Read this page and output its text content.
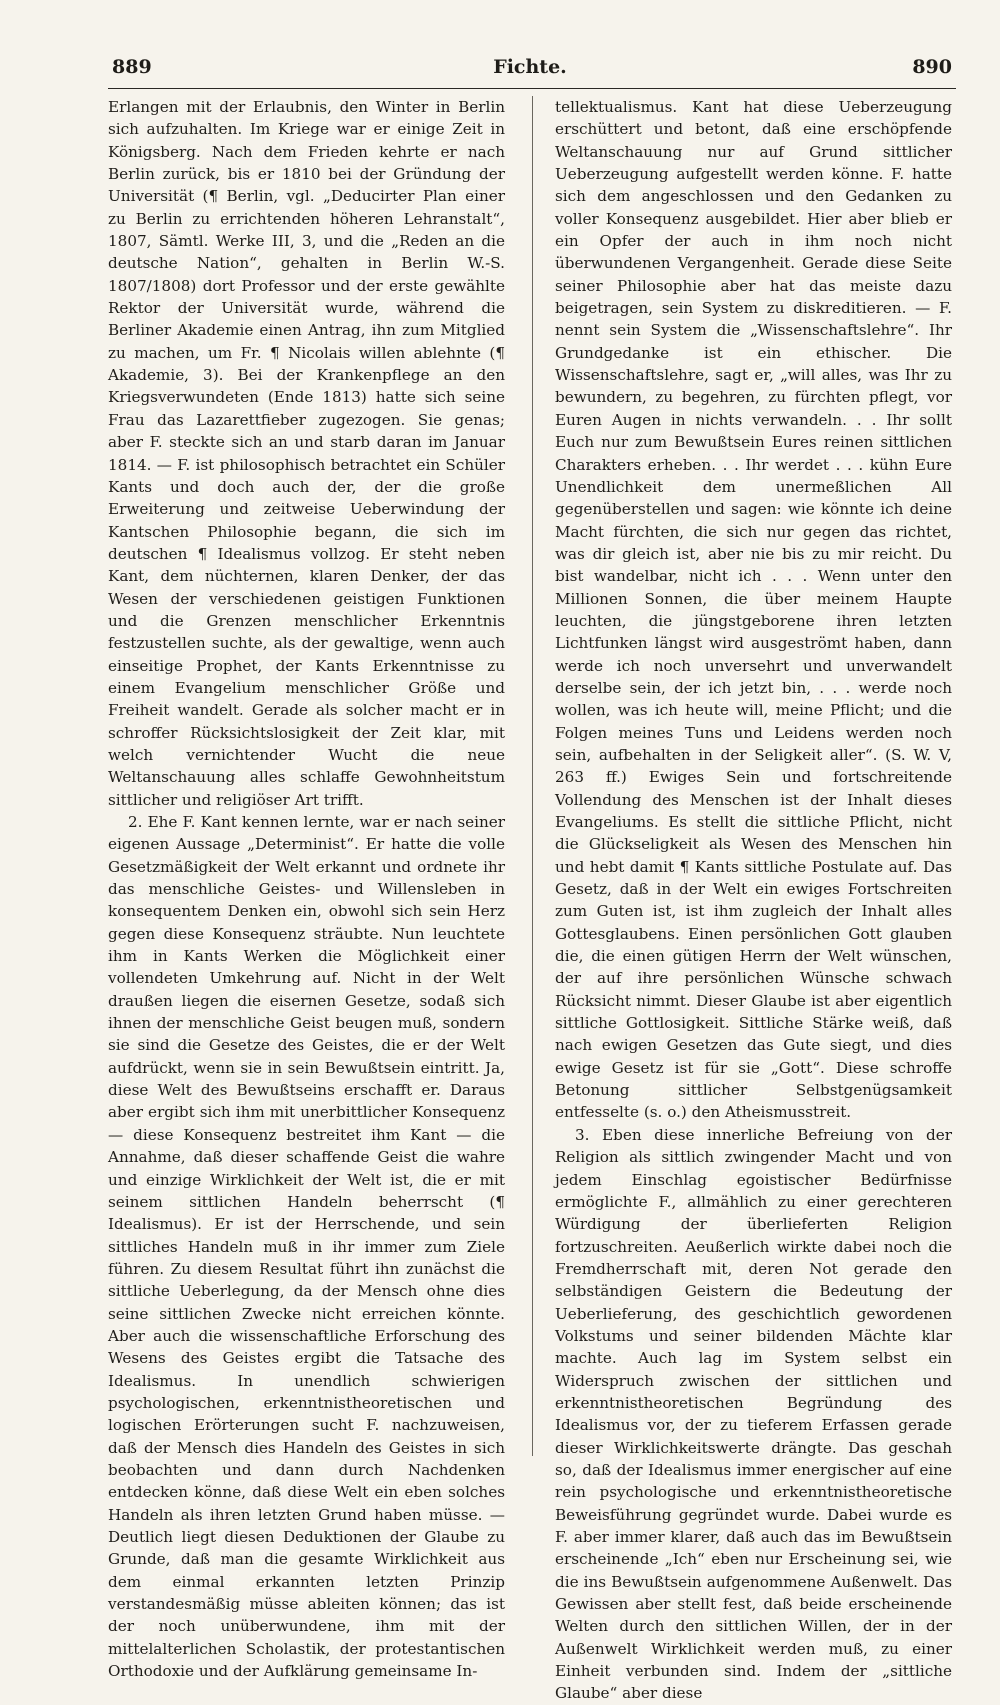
889	Fichte.	890

Erlangen mit der Erlaubnis, den Winter in Berlin sich aufzuhalten. Im Kriege war er einige Zeit in Königsberg. Nach dem Frieden kehrte er nach Berlin zurück, bis er 1810 bei der Gründung der Universität (¶ Berlin, vgl. „Deducirter Plan einer zu Berlin zu errichtenden höheren Lehranstalt“, 1807, Sämtl. Werke III, 3, und die „Reden an die deutsche Nation“, gehalten in Berlin W.-S. 1807/1808) dort Professor und der erste gewählte Rektor der Universität wurde, während die Berliner Akademie einen Antrag, ihn zum Mitglied zu machen, um Fr. ¶ Nicolais willen ablehnte (¶ Akademie, 3). Bei der Krankenpflege an den Kriegsverwundeten (Ende 1813) hatte sich seine Frau das Lazarettfieber zugezogen. Sie genas; aber F. steckte sich an und starb daran im Januar 1814. — F. ist philosophisch betrachtet ein Schüler Kants und doch auch der, der die große Erweiterung und zeitweise Ueberwindung der Kantschen Philosophie begann, die sich im deutschen ¶ Idealismus vollzog. Er steht neben Kant, dem nüchternen, klaren Denker, der das Wesen der verschiedenen geistigen Funktionen und die Grenzen menschlicher Erkenntnis festzustellen suchte, als der gewaltige, wenn auch einseitige Prophet, der Kants Erkenntnisse zu einem Evangelium menschlicher Größe und Freiheit wandelt. Gerade als solcher macht er in schroffer Rücksichtslosigkeit der Zeit klar, mit welch vernichtender Wucht die neue Weltanschauung alles schlaffe Gewohnheitstum sittlicher und religiöser Art trifft.

2. Ehe F. Kant kennen lernte, war er nach seiner eigenen Aussage „Determinist“. Er hatte die volle Gesetzmäßigkeit der Welt erkannt und ordnete ihr das menschliche Geistes- und Willensleben in konsequentem Denken ein, obwohl sich sein Herz gegen diese Konsequenz sträubte. Nun leuchtete ihm in Kants Werken die Möglichkeit einer vollendeten Umkehrung auf. Nicht in der Welt draußen liegen die eisernen Gesetze, sodaß sich ihnen der menschliche Geist beugen muß, sondern sie sind die Gesetze des Geistes, die er der Welt aufdrückt, wenn sie in sein Bewußtsein eintritt. Ja, diese Welt des Bewußtseins erschafft er. Daraus aber ergibt sich ihm mit unerbittlicher Konsequenz — diese Konsequenz bestreitet ihm Kant — die Annahme, daß dieser schaffende Geist die wahre und einzige Wirklichkeit der Welt ist, die er mit seinem sittlichen Handeln beherrscht (¶ Idealismus). Er ist der Herrschende, und sein sittliches Handeln muß in ihr immer zum Ziele führen. Zu diesem Resultat führt ihn zunächst die sittliche Ueberlegung, da der Mensch ohne dies seine sittlichen Zwecke nicht erreichen könnte. Aber auch die wissenschaftliche Erforschung des Wesens des Geistes ergibt die Tatsache des Idealismus. In unendlich schwierigen psychologischen, erkenntnistheoretischen und logischen Erörterungen sucht F. nachzuweisen, daß der Mensch dies Handeln des Geistes in sich beobachten und dann durch Nachdenken entdecken könne, daß diese Welt ein eben solches Handeln als ihren letzten Grund haben müsse. — Deutlich liegt diesen Deduktionen der Glaube zu Grunde, daß man die gesamte Wirklichkeit aus dem einmal erkannten letzten Prinzip verstandesmäßig müsse ableiten können; das ist der noch unüberwundene, ihm mit der mittelalterlichen Scholastik, der protestantischen Orthodoxie und der Aufklärung gemeinsame In-

tellektualismus. Kant hat diese Ueberzeugung erschüttert und betont, daß eine erschöpfende Weltanschauung nur auf Grund sittlicher Ueberzeugung aufgestellt werden könne. F. hatte sich dem angeschlossen und den Gedanken zu voller Konsequenz ausgebildet. Hier aber blieb er ein Opfer der auch in ihm noch nicht überwundenen Vergangenheit. Gerade diese Seite seiner Philosophie aber hat das meiste dazu beigetragen, sein System zu diskreditieren. — F. nennt sein System die „Wissenschaftslehre“. Ihr Grundgedanke ist ein ethischer. Die Wissenschaftslehre, sagt er, „will alles, was Ihr zu bewundern, zu begehren, zu fürchten pflegt, vor Euren Augen in nichts verwandeln. . . Ihr sollt Euch nur zum Bewußtsein Eures reinen sittlichen Charakters erheben. . . Ihr werdet . . . kühn Eure Unendlichkeit dem unermeßlichen All gegenüberstellen und sagen: wie könnte ich deine Macht fürchten, die sich nur gegen das richtet, was dir gleich ist, aber nie bis zu mir reicht. Du bist wandelbar, nicht ich . . . Wenn unter den Millionen Sonnen, die über meinem Haupte leuchten, die jüngstgeborene ihren letzten Lichtfunken längst wird ausgeströmt haben, dann werde ich noch unversehrt und unverwandelt derselbe sein, der ich jetzt bin, . . . werde noch wollen, was ich heute will, meine Pflicht; und die Folgen meines Tuns und Leidens werden noch sein, aufbehalten in der Seligkeit aller“. (S. W. V, 263 ff.) Ewiges Sein und fortschreitende Vollendung des Menschen ist der Inhalt dieses Evangeliums. Es stellt die sittliche Pflicht, nicht die Glückseligkeit als Wesen des Menschen hin und hebt damit ¶ Kants sittliche Postulate auf. Das Gesetz, daß in der Welt ein ewiges Fortschreiten zum Guten ist, ist ihm zugleich der Inhalt alles Gottesglaubens. Einen persönlichen Gott glauben die, die einen gütigen Herrn der Welt wünschen, der auf ihre persönlichen Wünsche schwach Rücksicht nimmt. Dieser Glaube ist aber eigentlich sittliche Gottlosigkeit. Sittliche Stärke weiß, daß nach ewigen Gesetzen das Gute siegt, und dies ewige Gesetz ist für sie „Gott“. Diese schroffe Betonung sittlicher Selbstgenügsamkeit entfesselte (s. o.) den Atheismusstreit.

3. Eben diese innerliche Befreiung von der Religion als sittlich zwingender Macht und von jedem Einschlag egoistischer Bedürfnisse ermöglichte F., allmählich zu einer gerechteren Würdigung der überlieferten Religion fortzuschreiten. Aeußerlich wirkte dabei noch die Fremdherrschaft mit, deren Not gerade den selbständigen Geistern die Bedeutung der Ueberlieferung, des geschichtlich gewordenen Volkstums und seiner bildenden Mächte klar machte. Auch lag im System selbst ein Widerspruch zwischen der sittlichen und erkenntnistheoretischen Begründung des Idealismus vor, der zu tieferem Erfassen gerade dieser Wirklichkeitswerte drängte. Das geschah so, daß der Idealismus immer energischer auf eine rein psychologische und erkenntnistheoretische Beweisführung gegründet wurde. Dabei wurde es F. aber immer klarer, daß auch das im Bewußtsein erscheinende „Ich“ eben nur Erscheinung sei, wie die ins Bewußtsein aufgenommene Außenwelt. Das Gewissen aber stellt fest, daß beide erscheinende Welten durch den sittlichen Willen, der in der Außenwelt Wirklichkeit werden muß, zu einer Einheit verbunden sind. Indem der „sittliche Glaube“ aber diese
